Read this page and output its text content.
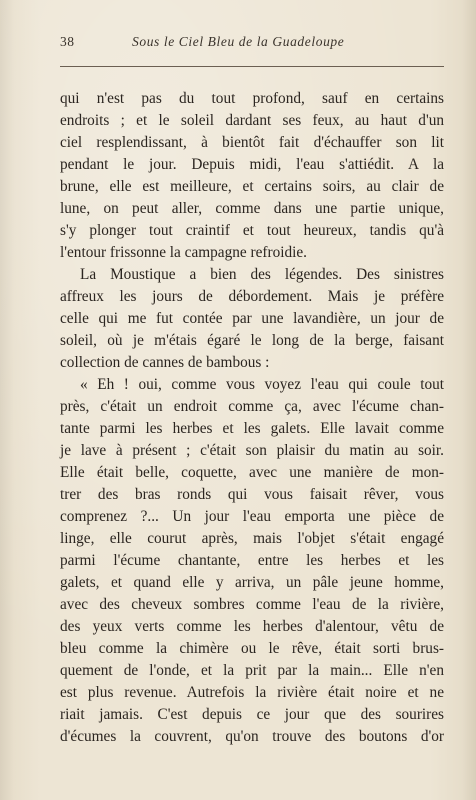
38	Sous le Ciel Bleu de la Guadeloupe
qui n'est pas du tout profond, sauf en certains
endroits ; et le soleil dardant ses feux, au haut d'un
ciel resplendissant, à bientôt fait d'échauffer son lit
pendant le jour. Depuis midi, l'eau s'attiédit. A la
brune, elle est meilleure, et certains soirs, au clair de
lune, on peut aller, comme dans une partie unique,
s'y plonger tout craintif et tout heureux, tandis qu'à
l'entour frissonne la campagne refroidie.
La Moustique a bien des légendes. Des sinistres
affreux les jours de débordement. Mais je préfère
celle qui me fut contée par une lavandière, un jour de
soleil, où je m'étais égaré le long de la berge, faisant
collection de cannes de bambous :
« Eh ! oui, comme vous voyez l'eau qui coule tout
près, c'était un endroit comme ça, avec l'écume chan-
tante parmi les herbes et les galets. Elle lavait comme
je lave à présent ; c'était son plaisir du matin au soir.
Elle était belle, coquette, avec une manière de mon-
trer des bras ronds qui vous faisait rêver, vous
comprenez ?... Un jour l'eau emporta une pièce de
linge, elle courut après, mais l'objet s'était engagé
parmi l'écume chantante, entre les herbes et les
galets, et quand elle y arriva, un pâle jeune homme,
avec des cheveux sombres comme l'eau de la rivière,
des yeux verts comme les herbes d'alentour, vêtu de
bleu comme la chimère ou le rêve, était sorti brus-
quement de l'onde, et la prit par la main... Elle n'en
est plus revenue. Autrefois la rivière était noire et ne
riait jamais. C'est depuis ce jour que des sourires
d'écumes la couvrent, qu'on trouve des boutons d'or
